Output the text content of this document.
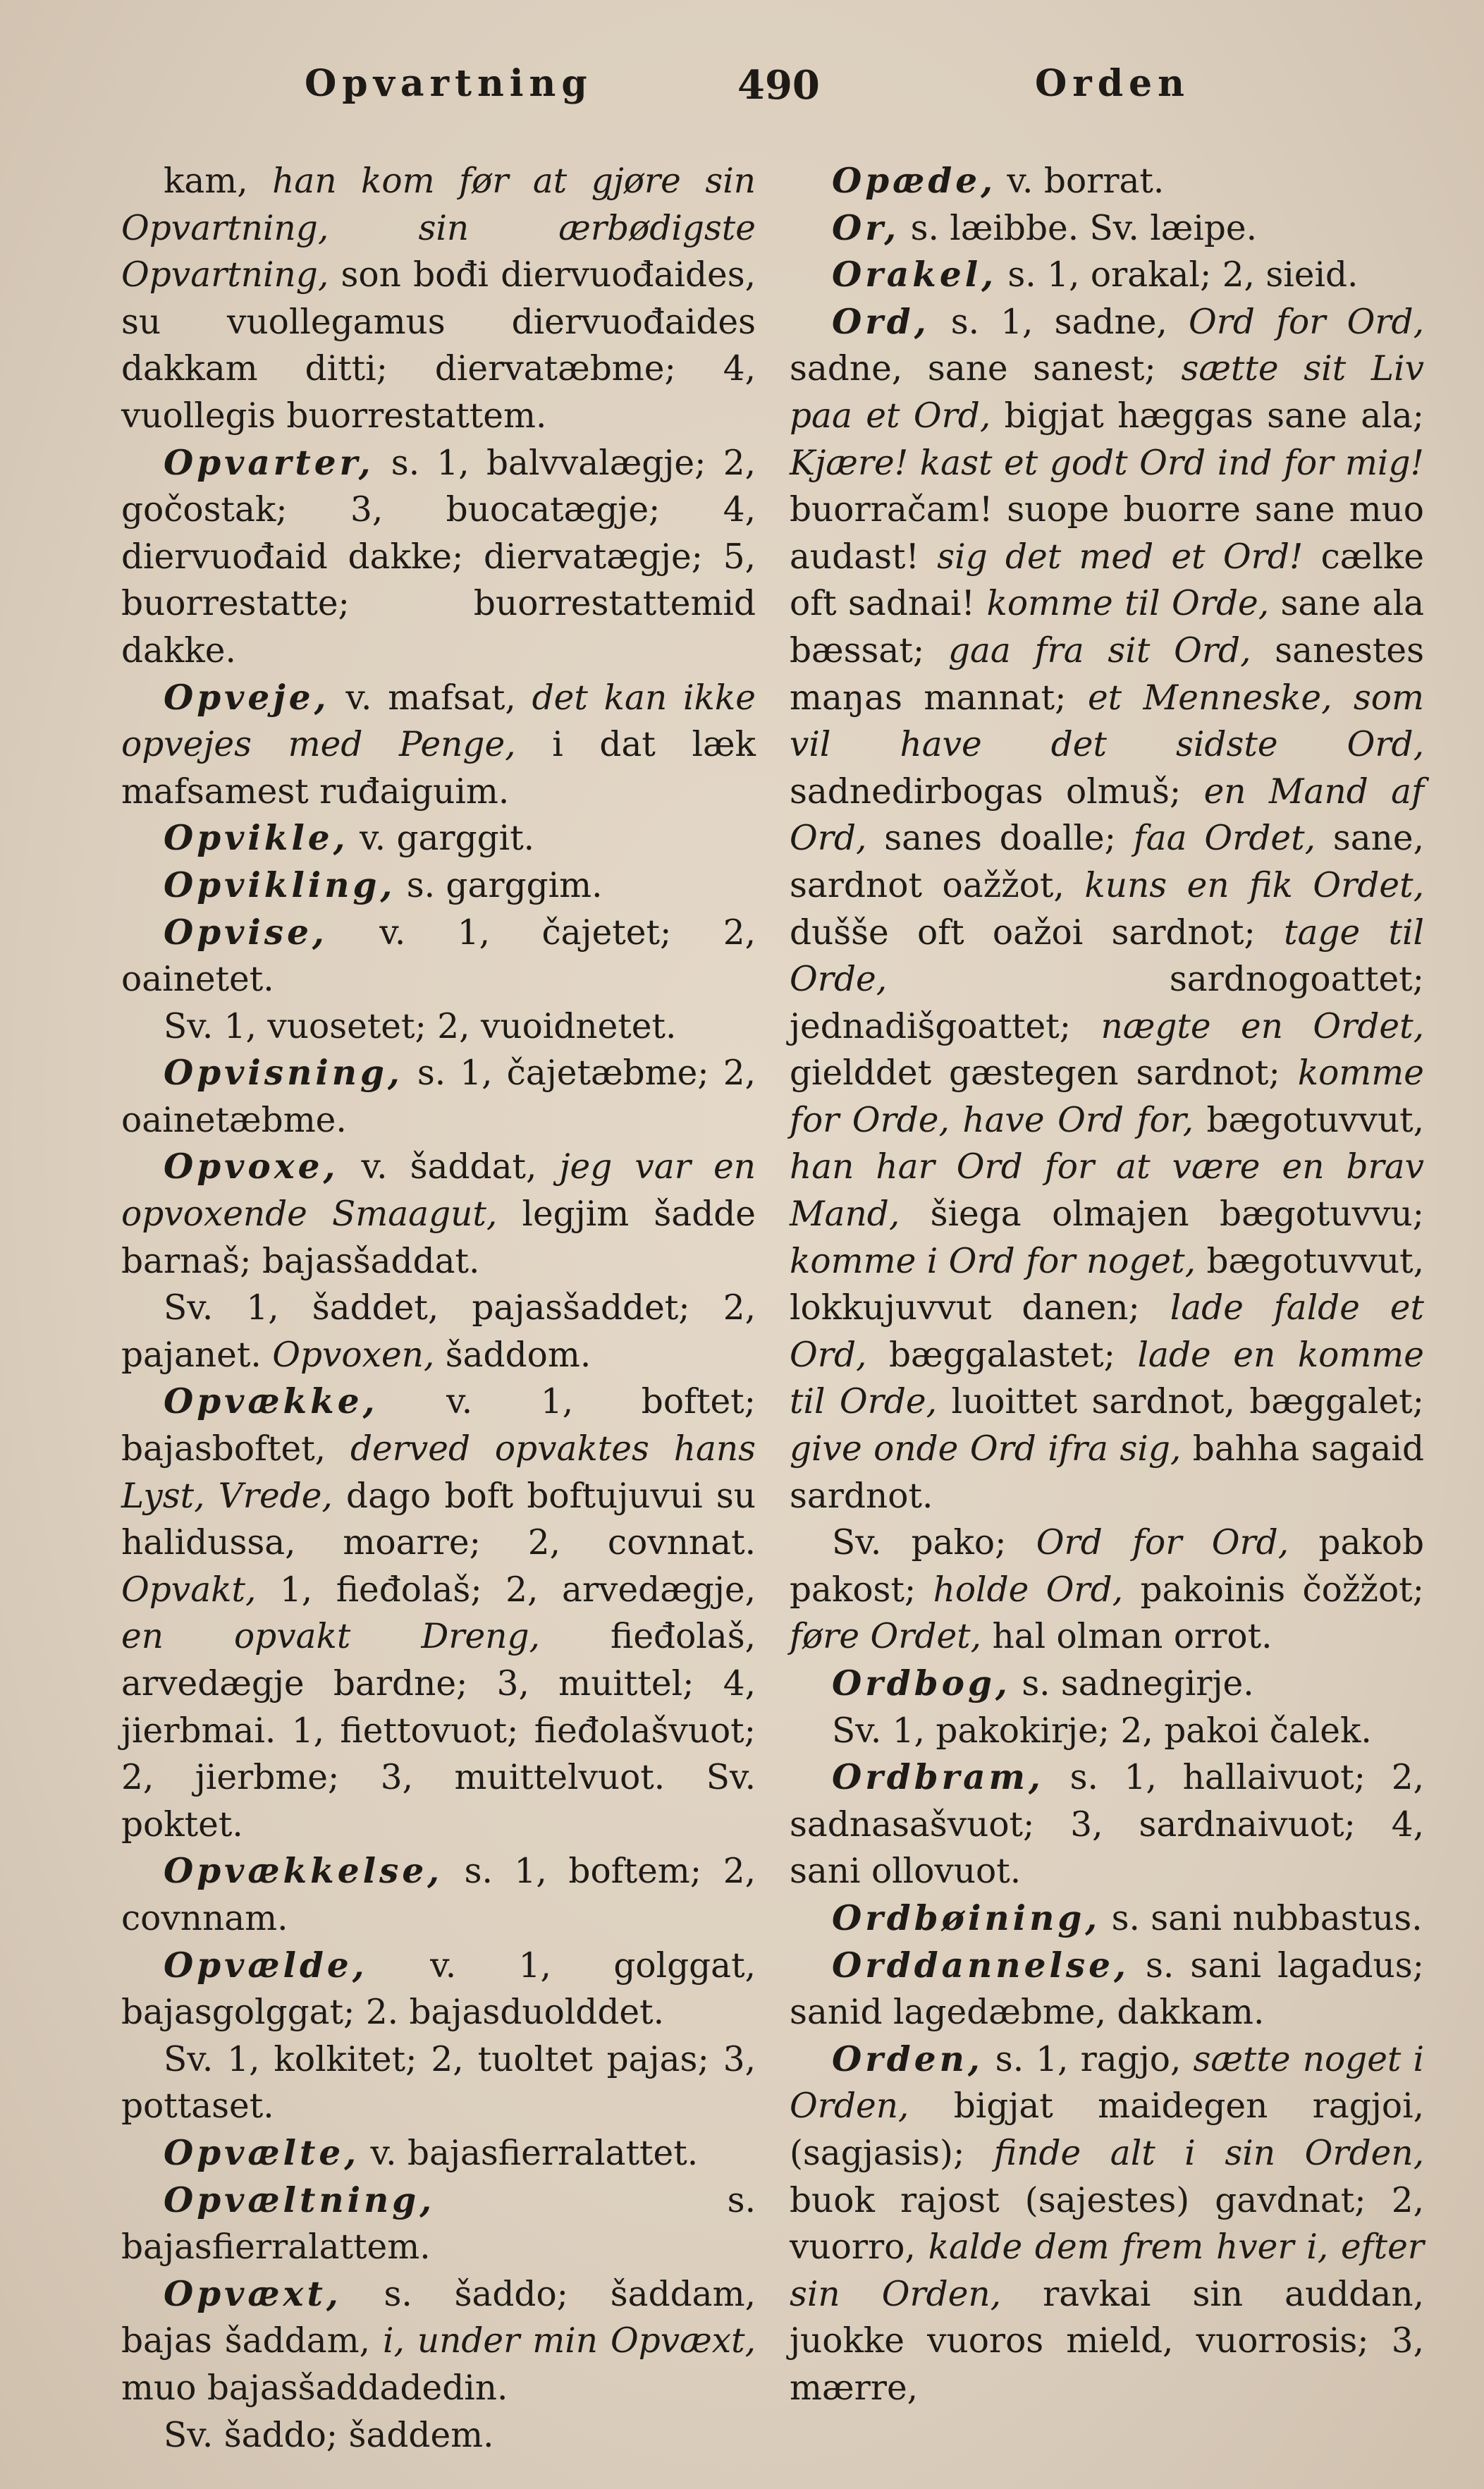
Opvartning	490	Orden

kam, han kom før at gjøre sin Opvartning, sin ærbødigste Opvartning, son bođi diervuođaides, su vuollegamus diervuođaides dakkam ditti; diervatæbme; 4, vuollegis buorrestattem.

Opvarter, s. 1, balvvalægje; 2, gočostak; 3, buocatægje; 4, diervuođaid dakke; diervatægje; 5, buorrestatte; buorrestattemid dakke.

Opveje, v. mafsat, det kan ikke opvejes med Penge, i dat læk mafsamest ruđaiguim.

Opvikle, v. garggit.

Opvikling, s. garggim.

Opvise, v. 1, čajetet; 2, oainetet.

Sv. 1, vuosetet; 2, vuoidnetet.

Opvisning, s. 1, čajetæbme; 2, oainetæbme.

Opvoxe, v. šaddat, jeg var en opvoxende Smaagut, legjim šadde barnaš; bajasšaddat.

Sv. 1, šaddet, pajasšaddet; 2, pajanet. Opvoxen, šaddom.

Opvække, v. 1, boftet; bajasboftet, derved opvaktes hans Lyst, Vrede, dago boft boftujuvui su halidussa, moarre; 2, covnnat. Opvakt, 1, fieđolaš; 2, arvedægje, en opvakt Dreng, fieđolaš, arvedægje bardne; 3, muittel; 4, jierbmai. 1, fiettovuot; fieđolašvuot; 2, jierbme; 3, muittelvuot. Sv. poktet.

Opvækkelse, s. 1, boftem; 2, covnnam.

Opvælde, v. 1, golggat, bajasgolggat; 2. bajasduolddet.

Sv. 1, kolkitet; 2, tuoltet pajas; 3, pottaset.

Opvælte, v. bajasfierralattet.

Opvæltning, s. bajasfierralattem.

Opvæxt, s. šaddo; šaddam, bajas šaddam, i, under min Opvæxt, muo bajasšaddadedin.

Sv. šaddo; šaddem.

Opæde, v. borrat.

Or, s. læibbe. Sv. læipe.

Orakel, s. 1, orakal; 2, sieid.

Ord, s. 1, sadne, Ord for Ord, sadne, sane sanest; sætte sit Liv paa et Ord, bigjat hæggas sane ala; Kjære! kast et godt Ord ind for mig! buorračam! suope buorre sane muo audast! sig det med et Ord! cælke oft sadnai! komme til Orde, sane ala bæssat; gaa fra sit Ord, sanestes maŋas mannat; et Menneske, som vil have det sidste Ord, sadnedirbogas olmuš; en Mand af Ord, sanes doalle; faa Ordet, sane, sardnot oažžot, kuns en fik Ordet, dušše oft oažoi sardnot; tage til Orde, sardnogoattet; jednadišgoattet; nægte en Ordet, gielddet gæstegen sardnot; komme for Orde, have Ord for, bægotuvvut, han har Ord for at være en brav Mand, šiega olmajen bægotuvvu; komme i Ord for noget, bægotuvvut, lokkujuvvut danen; lade falde et Ord, bæggalastet; lade en komme til Orde, luoittet sardnot, bæggalet; give onde Ord ifra sig, bahha sagaid sardnot.

Sv. pako; Ord for Ord, pakob pakost; holde Ord, pakoinis čožžot; føre Ordet, hal olman orrot.

Ordbog, s. sadnegirje.

Sv. 1, pakokirje; 2, pakoi čalek.

Ordbram, s. 1, hallaivuot; 2, sadnasašvuot; 3, sardnaivuot; 4, sani ollovuot.

Ordbøining, s. sani nubbastus.

Orddannelse, s. sani lagadus; sanid lagedæbme, dakkam.

Orden, s. 1, ragjo, sætte noget i Orden, bigjat maidegen ragjoi, (sagjasis); finde alt i sin Orden, buok rajost (sajestes) gavdnat; 2, vuorro, kalde dem frem hver i, efter sin Orden, ravkai sin auddan, juokke vuoros mield, vuorrosis; 3, mærre,
